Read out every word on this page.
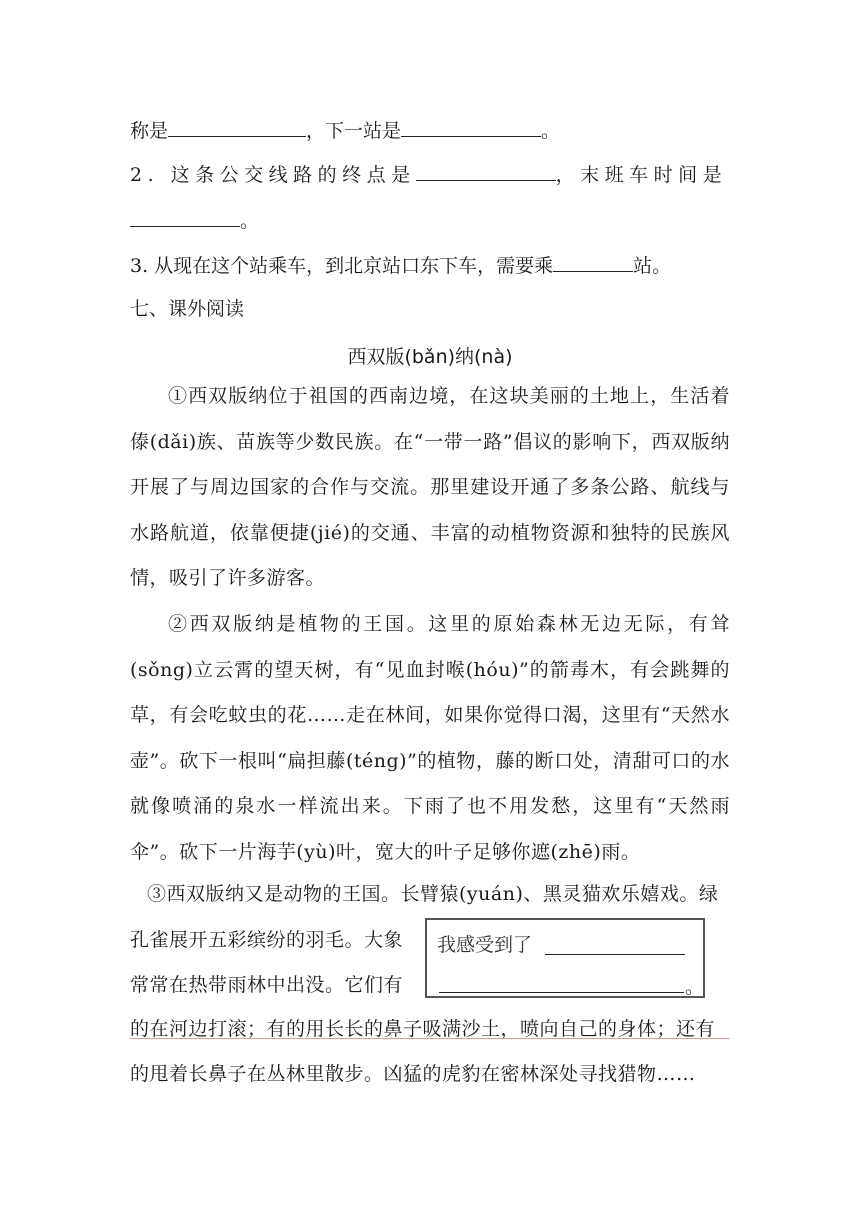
称是	，下一站是	。
2. 这条公交线路的终点是	，末班车时间是
。
3. 从现在这个站乘车，到北京站口东下车，需要乘	站。
七、课外阅读
西双版(bǎn)纳(nà)
①西双版纳位于祖国的西南边境，在这块美丽的土地上，生活着傣(dǎi)族、苗族等少数民族。在“一带一路”倡议的影响下，西双版纳开展了与周边国家的合作与交流。那里建设开通了多条公路、航线与水路航道，依靠便捷(jié)的交通、丰富的动植物资源和独特的民族风情，吸引了许多游客。
②西双版纳是植物的王国。这里的原始森林无边无际，有耸(sǒng)立云霄的望天树，有“见血封喉(hóu)”的箭毒木，有会跳舞的草，有会吃蚊虫的花……走在林间，如果你觉得口渴，这里有“天然水壶”。砍下一根叫“扁担藤(téng)”的植物，藤的断口处，清甜可口的水就像喷涌的泉水一样流出来。下雨了也不用发愁，这里有“天然雨伞”。砍下一片海芋(yù)叶，宽大的叶子足够你遮(zhē)雨。
③西双版纳又是动物的王国。长臂猿(yuán)、黑灵猫欢乐嬉戏。绿
孔雀展开五彩缤纷的羽毛。大象
常常在热带雨林中出没。它们有
的在河边打滚；有的用长长的鼻子吸满沙土，喷向自己的身体；还有
的甩着长鼻子在丛林里散步。凶猛的虎豹在密林深处寻找猎物……
我感受到了
。
